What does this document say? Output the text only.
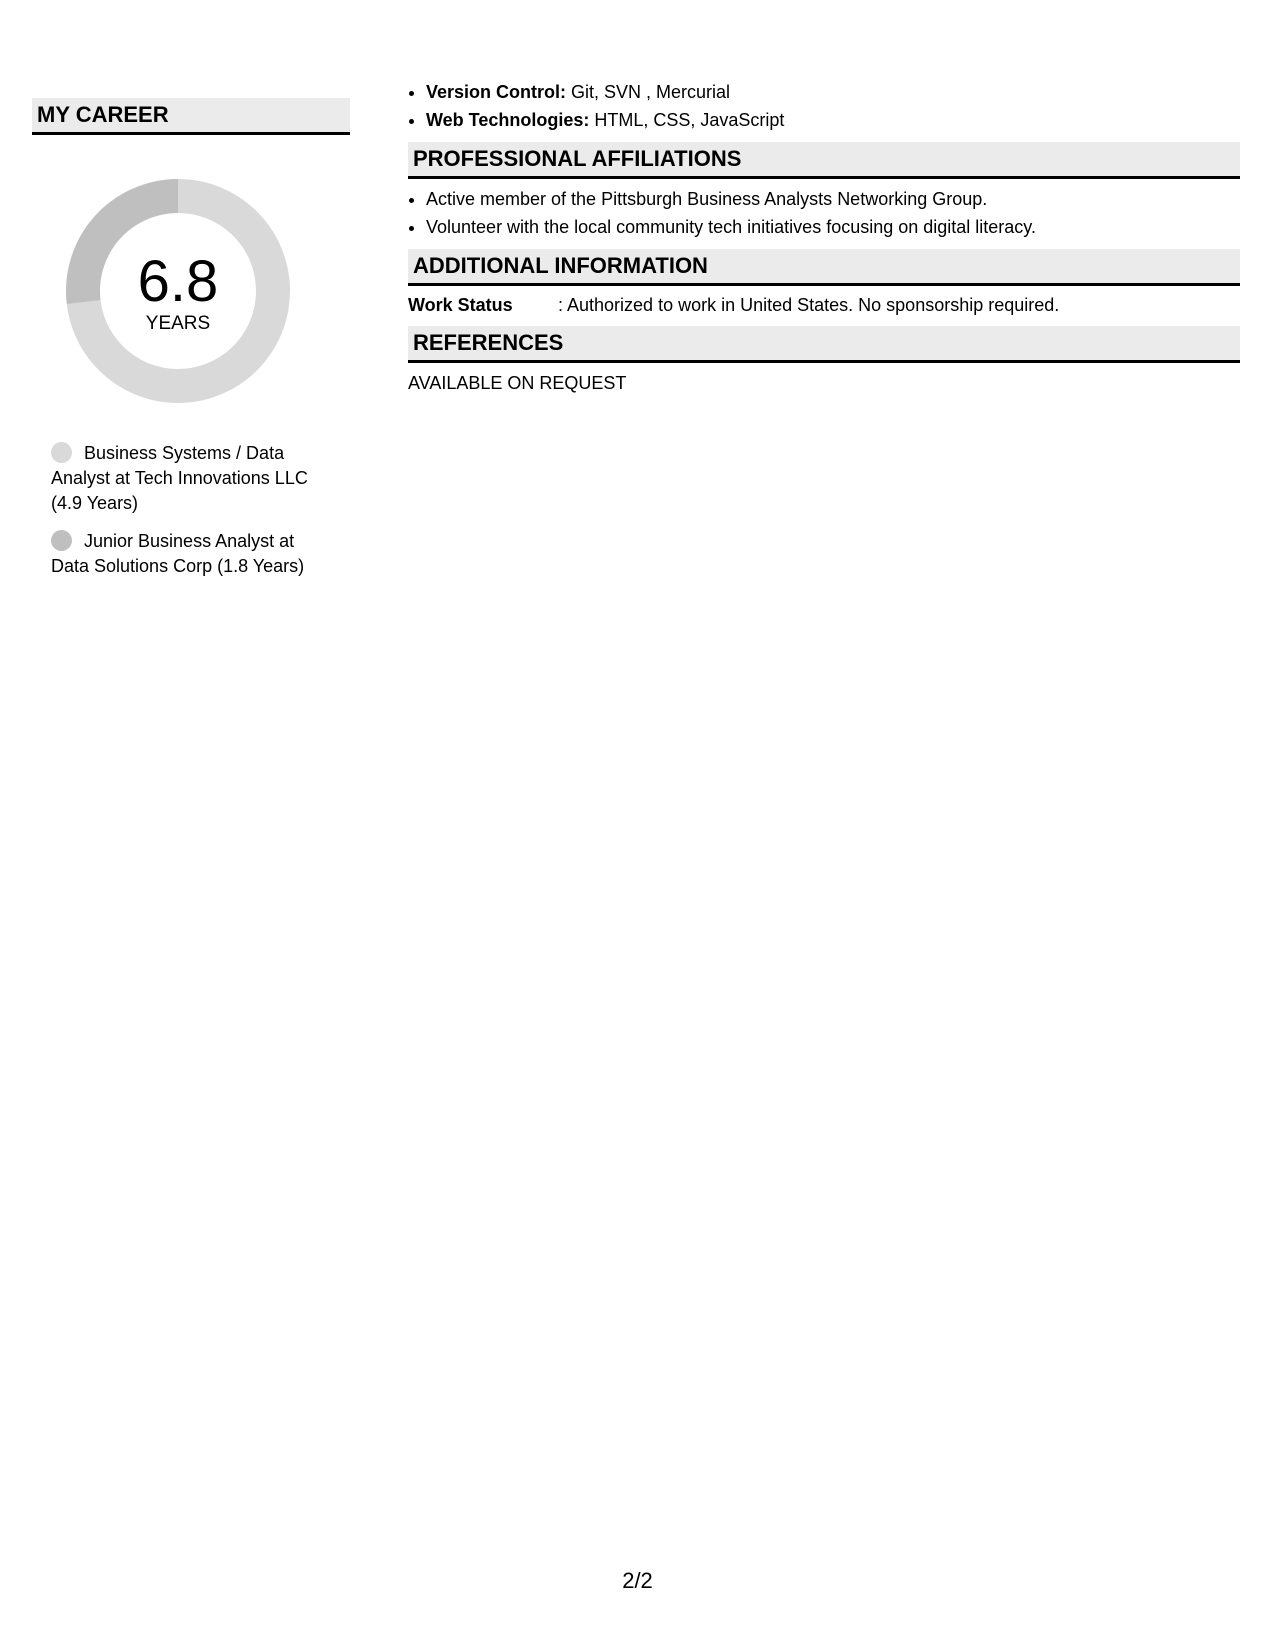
MY CAREER
6.8
YEARS
Business Systems / Data Analyst at Tech Innovations LLC (4.9 Years)
Junior Business Analyst at Data Solutions Corp (1.8 Years)
• Version Control: Git, SVN , Mercurial
• Web Technologies: HTML, CSS, JavaScript
PROFESSIONAL AFFILIATIONS
• Active member of the Pittsburgh Business Analysts Networking Group.
• Volunteer with the local community tech initiatives focusing on digital literacy.
ADDITIONAL INFORMATION
Work Status	: Authorized to work in United States. No sponsorship required.
REFERENCES
AVAILABLE ON REQUEST
2/2
